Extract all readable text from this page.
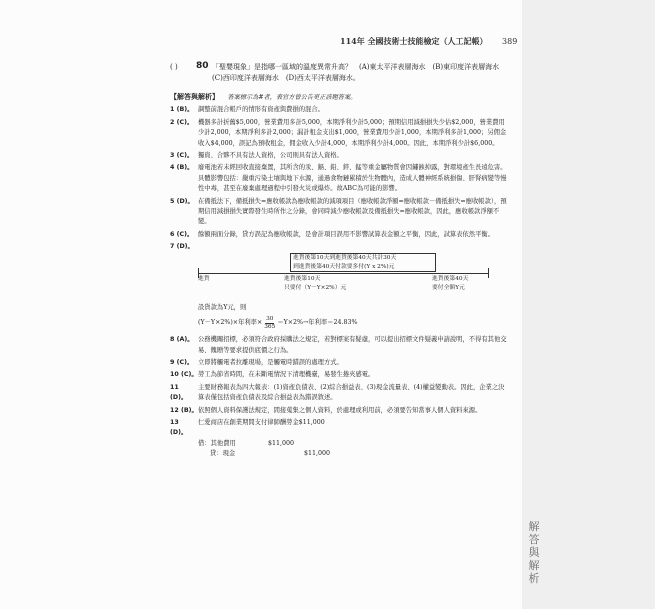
114年 全國技術士技能檢定（人工記帳） 389
解
答
與
解
析
( ) 80 「聖嬰現象」是指哪一區域的溫度異常升高？　(A)東太平洋表層海水　(B)東印度洋表層海水　(C)西印度洋表層海水　(D)西太平洋表層海水。
【解答與解析】 答案標示為#者，表官方曾公告更正該題答案。
1 (B)。 調整前混合帳戶的情形有資產與費損的混合。
2 (C)。 機器多計折舊$5,000，營業費用多計5,000，本期淨利少計5,000；預期信用減損損失少估$2,000，營業費用少計2,000，本期淨利多計2,000；漏計租金支出$1,000，營業費用少計1,000，本期淨利多計1,000；另佣金收入$4,000，誤記為預收租金，佣金收入少計4,000，本期淨利少計4,000。因此，本期淨利少計$6,000。
3 (C)。 獨資、合夥不具有法人資格，公司則具有法人資格。
4 (B)。 廢電池若未經回收直接棄置，其所含的汞、鎘、鉛、鋅、錳等重金屬物質會因鏽蝕掉露，對環境產生長遠危害。具體影響包括：嚴重污染土壤與地下水源，通過食物鏈累積於生物體內，造成人體神經系統損傷、肝腎病變等慢性中毒，甚至在廢棄處理過程中引發火災或爆炸。故ABC為可能的影響。
5 (D)。 在備抵法下，備抵損失=應收帳款為應收帳款的減項項目（應收帳款淨額=應收帳款－備抵損失=應收帳款），預期信用減損損失實際發生時所作之分錄，會同時減少應收帳款及備抵損失=應收帳款，因此，應收帳款淨額不變。
6 (C)。 餘額兩面分錄，貸方誤記為應收帳款，是會計項目誤用不影響試算表金額之平衡，因此，試算表依然平衡。
7 (D)。
進貨後第10天到進貨後第40天共計30天
到進貨後第40天付款要多付(Y x 2%)元
進貨	進貨後第10天
只要付（Y－Y×2%）元
進貨後第40天
要付全額Y元
設貨款為Y元，則
(Y－Y×2%)×年利率× $\frac{30}{365} =Y\times 2\%\to$年利率＝24.83%
8 (A)。 公務機關招標，必須符合政府採購法之規定，若對標案有疑慮，可以提出招標文件疑義申請說明，不得有其他交易、餽贈等要求提供底價之行為。
9 (C)。 立即將觸電者拉離現場，是觸電時錯誤的處理方式。
10 (C)。 勞工為節省時間，在未斷電情況下清理機臺，易發生捲夾感電。
11 (D)。
主要財務報表為四大報表：(1)資產負債表、(2)綜合損益表、(3)現金流量表、(4)權益變動表。因此，企業之決算表僅包括資產負債表及綜合損益表為錯誤敘述。
12 (B)。 依照個人資料保護法規定，間接蒐集之個人資料，於處理或利用前，必須要告知當事人個人資料來源。
13 (D)。
仁愛商店在創業期間支付律師酬勞金$11,000
借：其他費用	$11,000
貸：現金	$11,000
